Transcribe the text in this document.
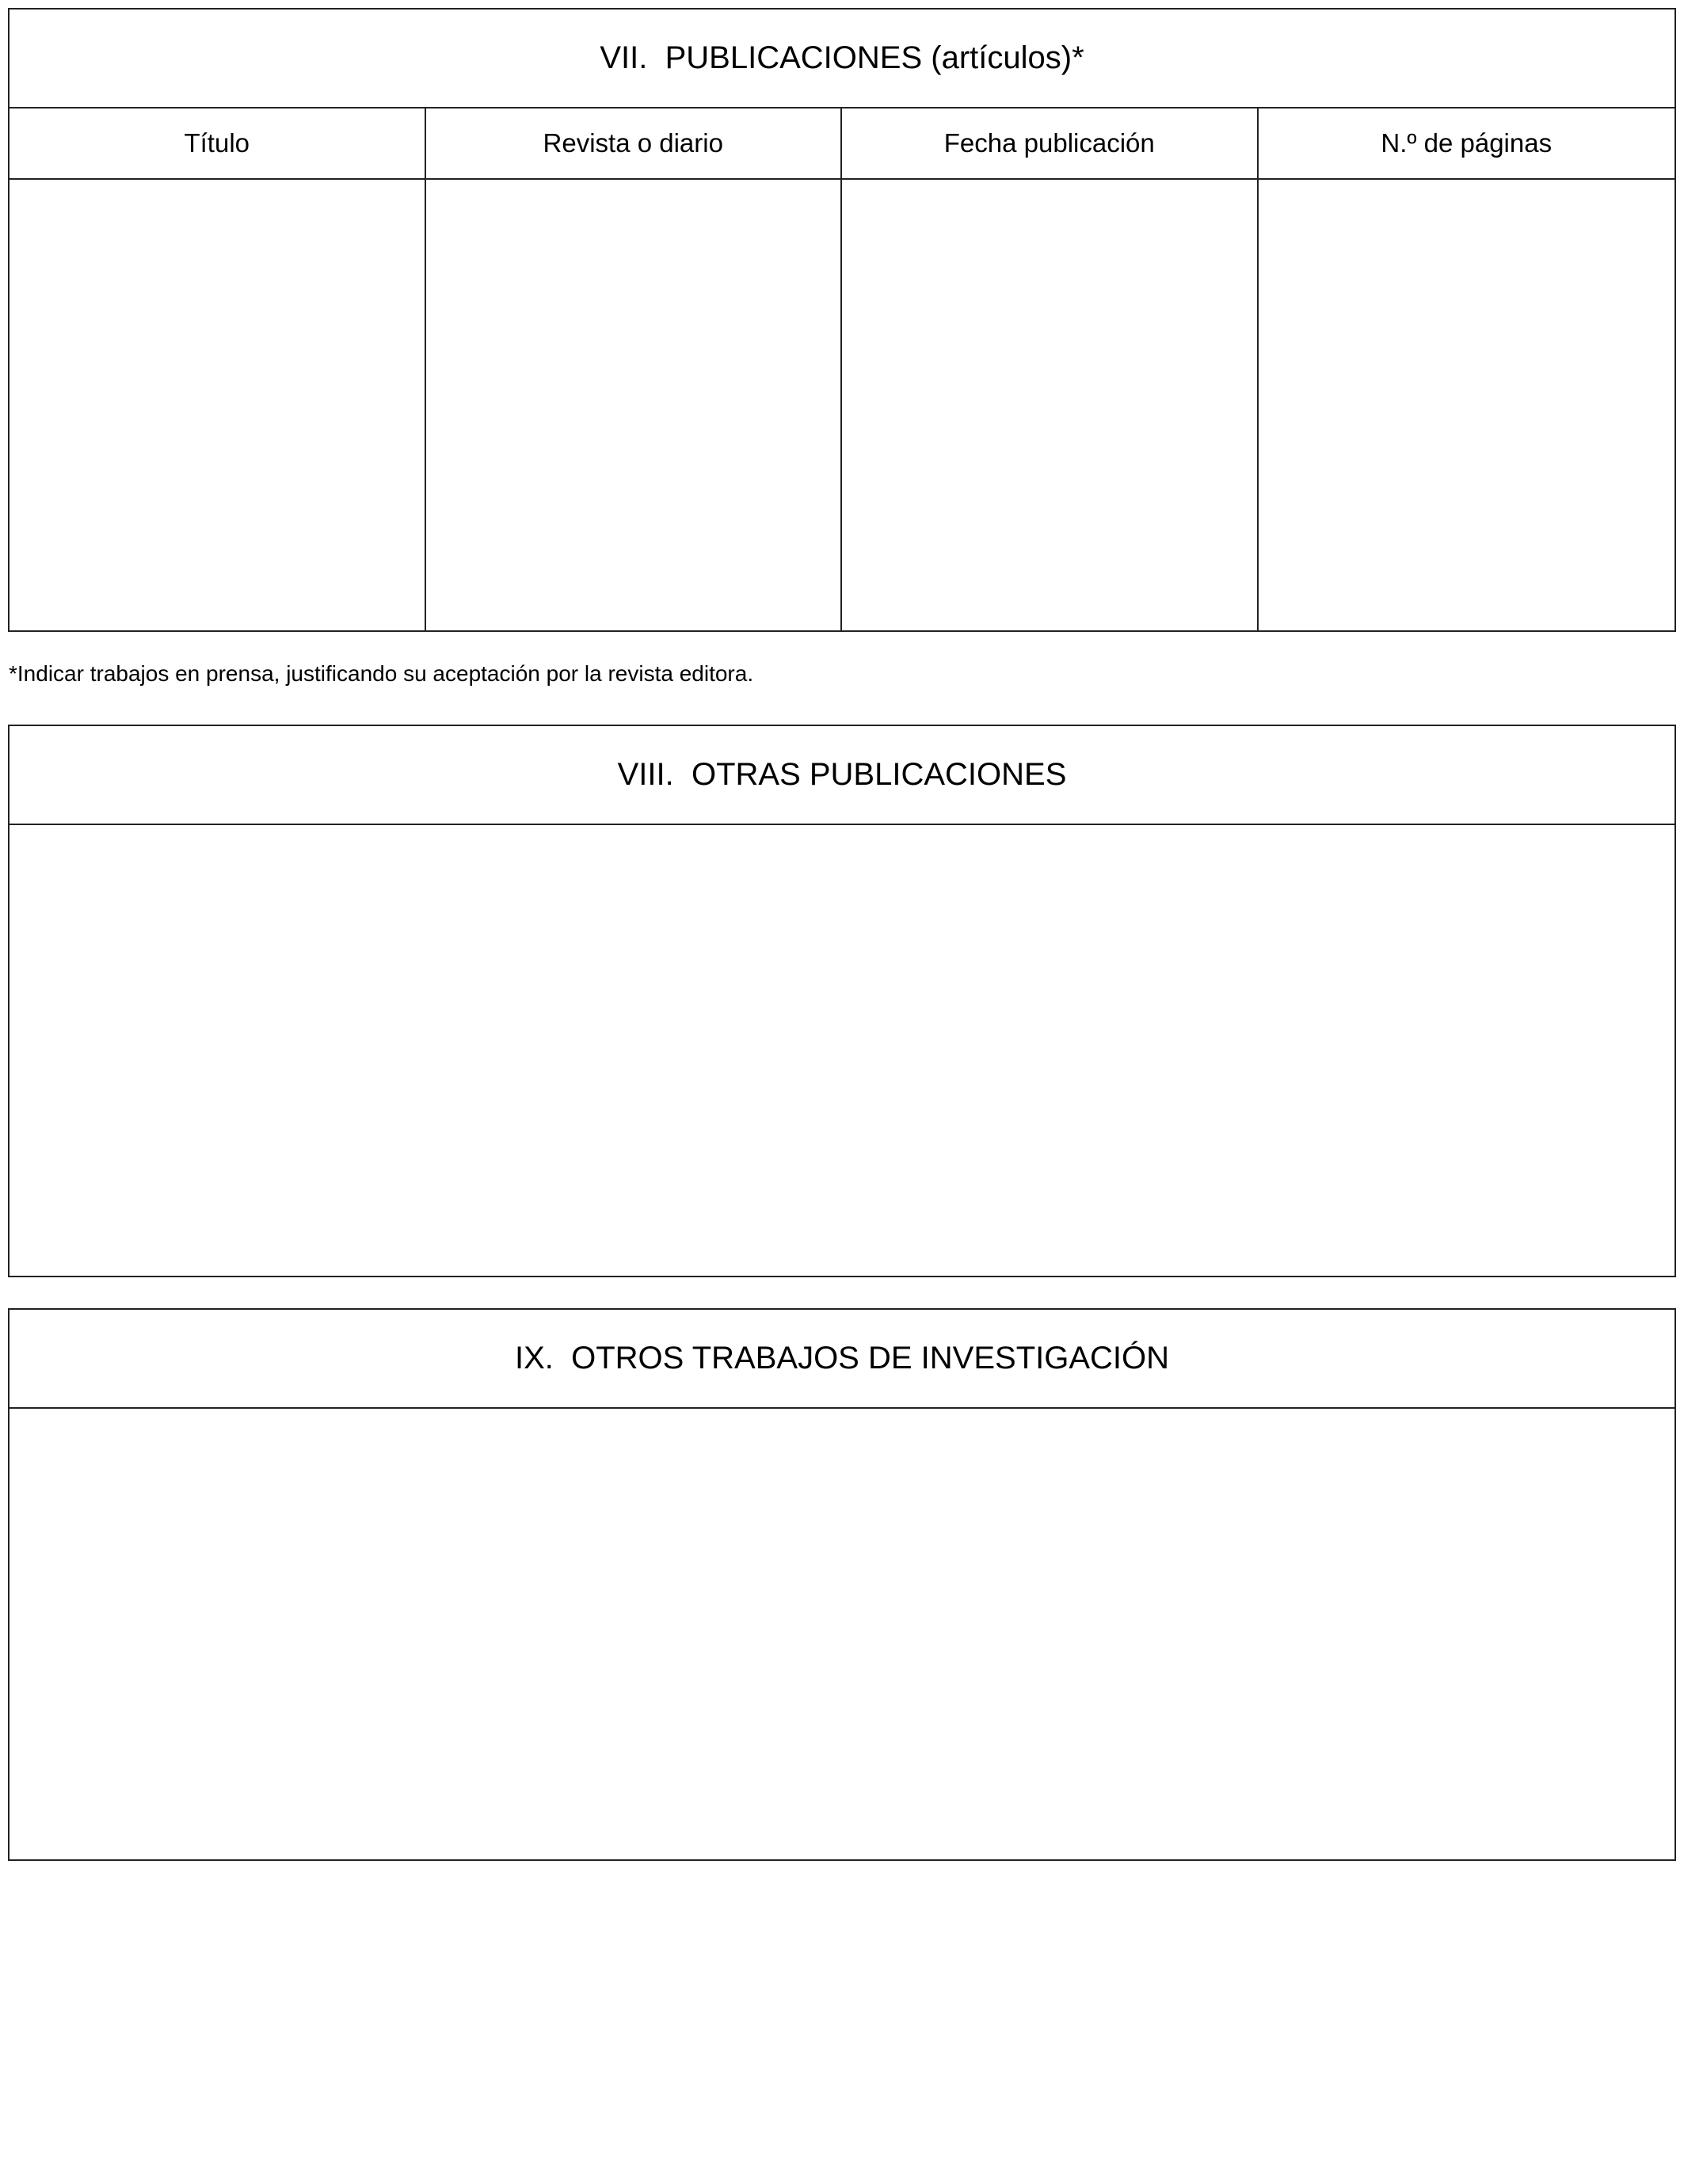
VII.  PUBLICACIONES (artículos)*
Título	Revista o diario	Fecha publicación	N.º de páginas
*Indicar trabajos en prensa, justificando su aceptación por la revista editora.
VIII.  OTRAS PUBLICACIONES
IX.  OTROS TRABAJOS DE INVESTIGACIÓN
